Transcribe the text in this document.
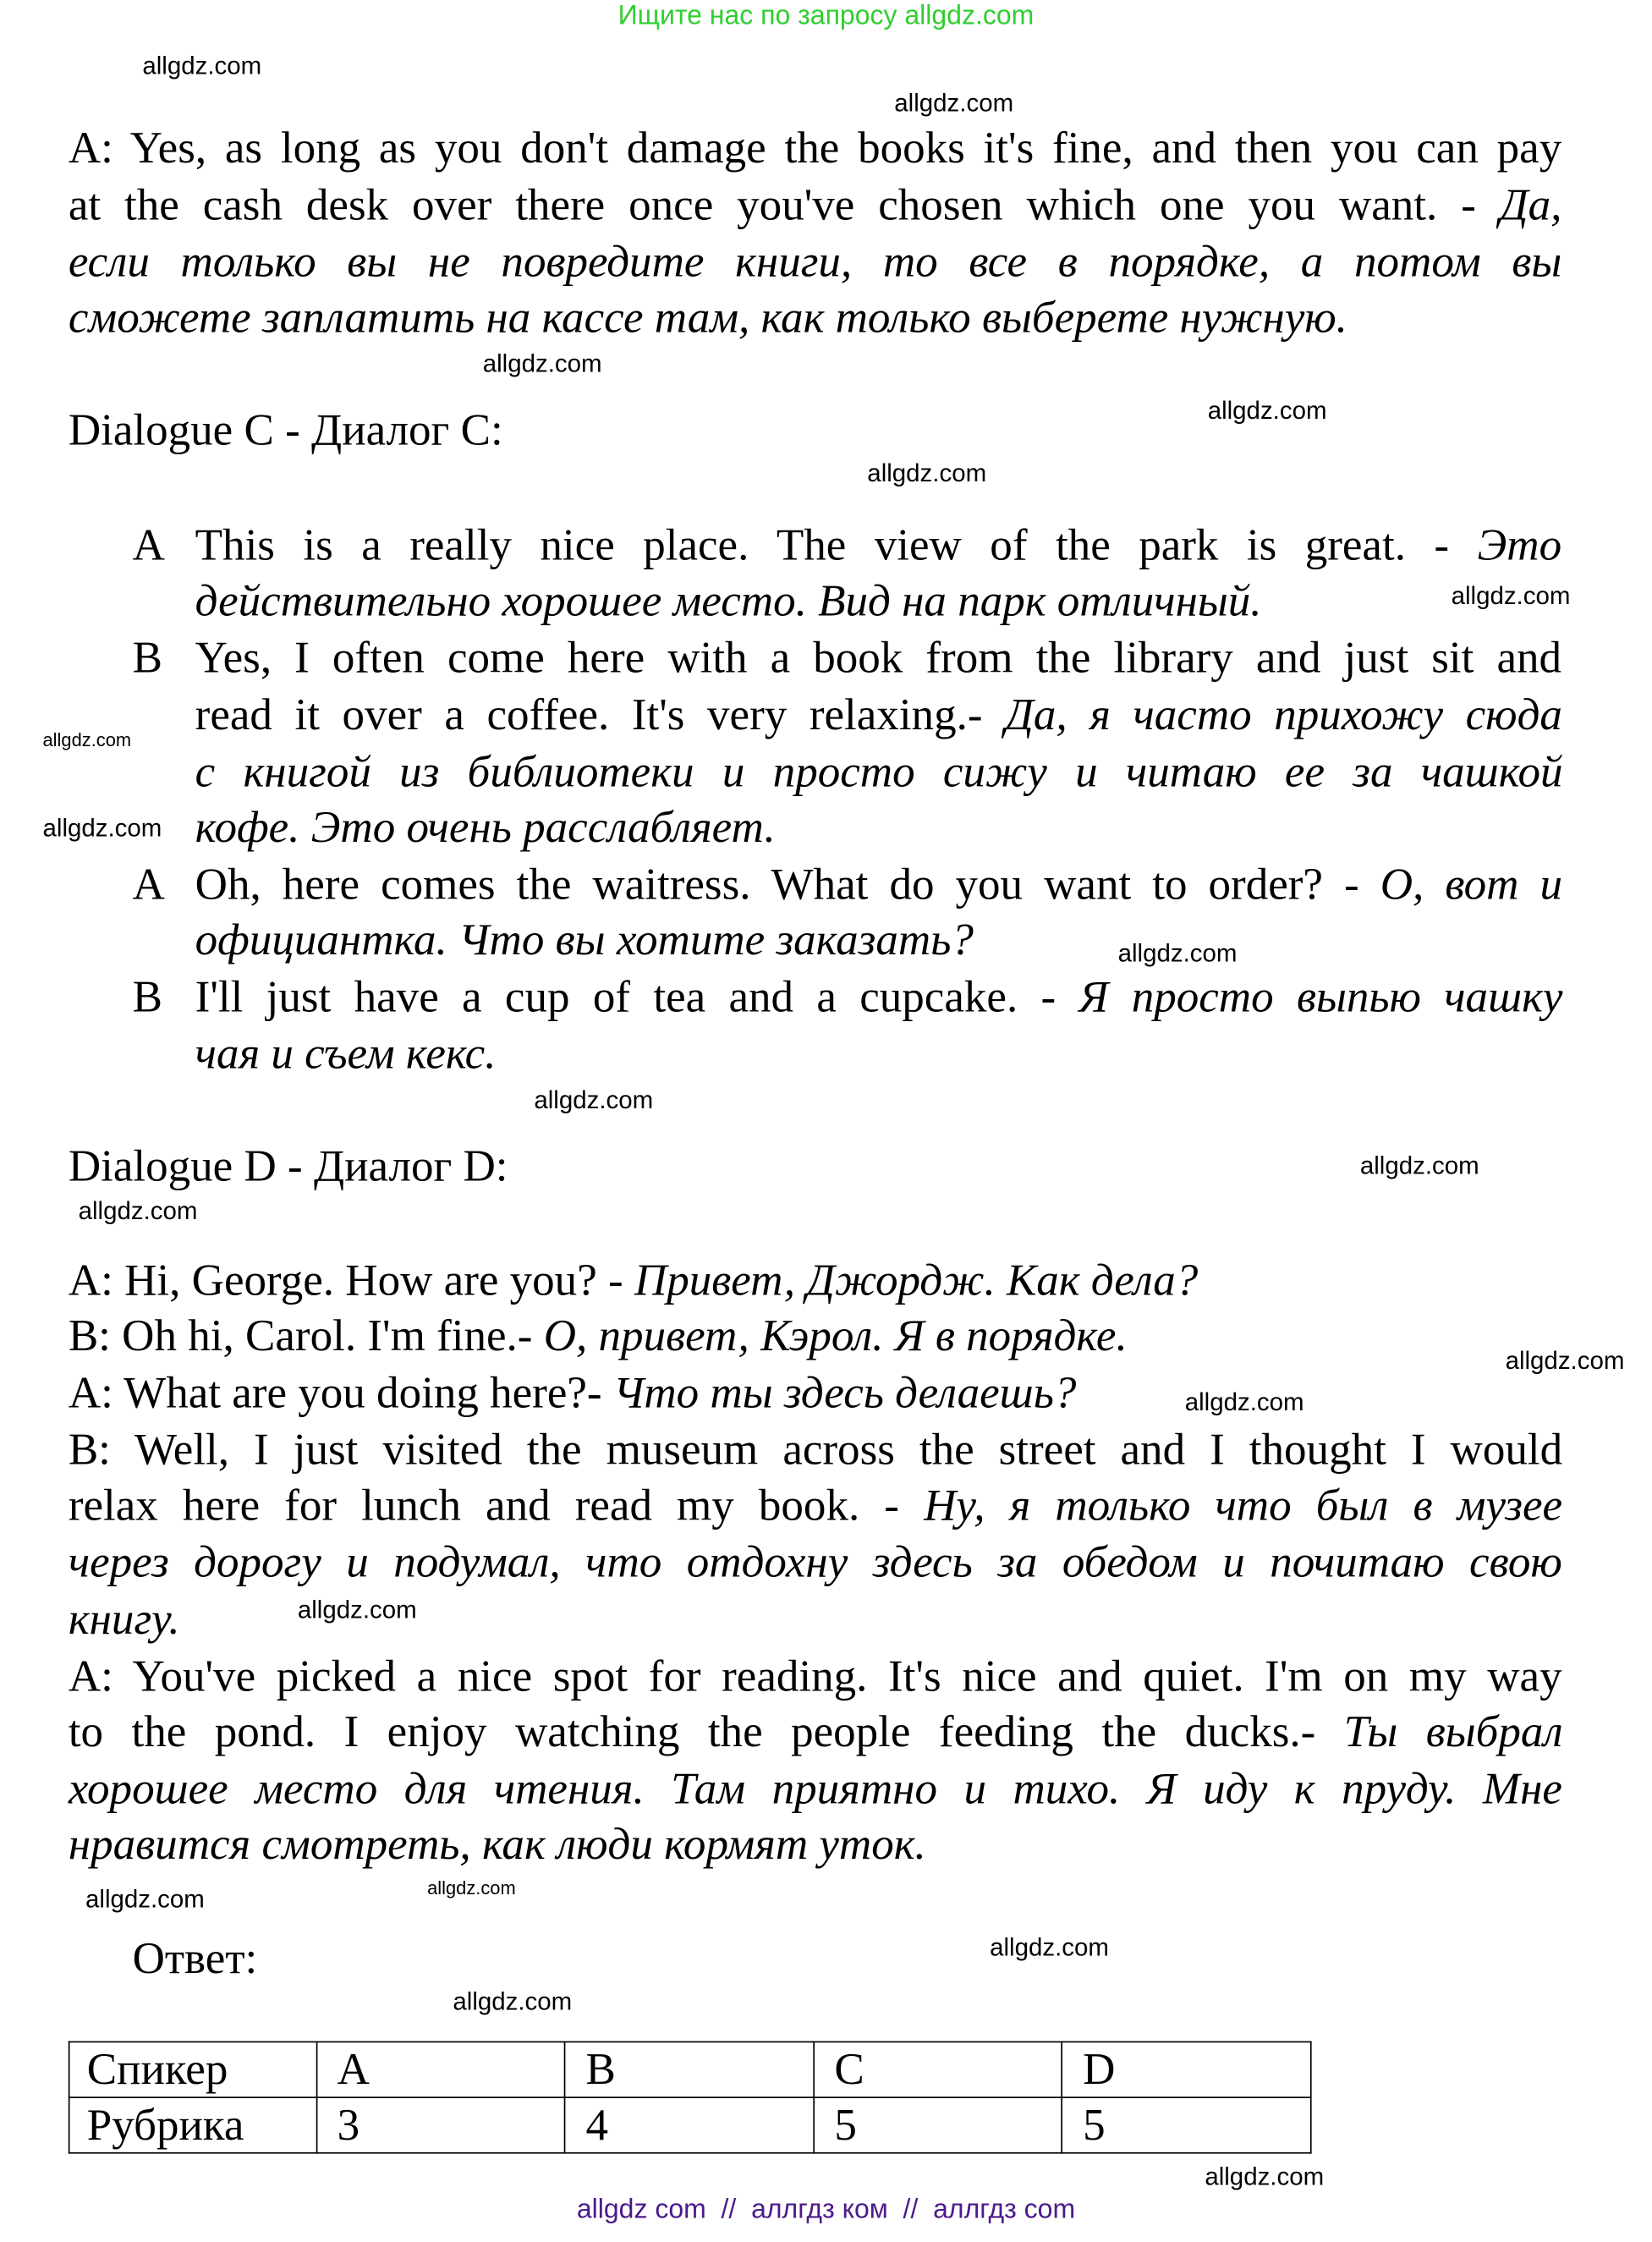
Ищите нас по запросу allgdz.com
A: Yes, as long as you don't damage the books it's fine, and then you can pay
at the cash desk over there once you've chosen which one you want. - Да,
если только вы не повредите книги, то все в порядке, а потом вы
сможете заплатить на кассе там, как только выберете нужную.
Dialogue C - Диалог C:
A This is a really nice place. The view of the park is great. - Это
действительно хорошее место. Вид на парк отличный.
B Yes, I often come here with a book from the library and just sit and
read it over a coffee. It's very relaxing.- Да, я часто прихожу сюда
с книгой из библиотеки и просто сижу и читаю ее за чашкой
кофе. Это очень расслабляет.
A Oh, here comes the waitress. What do you want to order? - О, вот и
официантка. Что вы хотите заказать?
B I'll just have a cup of tea and a cupcake. - Я просто выпью чашку
чая и съем кекс.
Dialogue D - Диалог D:
A: Hi, George. How are you? - Привет, Джордж. Как дела?
B: Oh hi, Carol. I'm fine.- О, привет, Кэрол. Я в порядке.
A: What are you doing here?- Что ты здесь делаешь?
B: Well, I just visited the museum across the street and I thought I would
relax here for lunch and read my book. - Ну, я только что был в музее
через дорогу и подумал, что отдохну здесь за обедом и почитаю свою
книгу.
A: You've picked a nice spot for reading. It's nice and quiet. I'm on my way
to the pond. I enjoy watching the people feeding the ducks.- Ты выбрал
хорошее место для чтения. Там приятно и тихо. Я иду к пруду. Мне
нравится смотреть, как люди кормят уток.
Ответ:
Спикер	A	B	C	D
Рубрика	3	4	5	5
allgdz.com
allgdz.com
allgdz.com
allgdz.com
allgdz.com
allgdz.com
allgdz.com
allgdz.com
allgdz.com
allgdz.com
allgdz.com
allgdz.com
allgdz.com
allgdz.com
allgdz.com
allgdz.com
allgdz.com
allgdz.com
allgdz.com
allgdz.com
allgdz com  //  аллгдз ком  //  аллгдз com
